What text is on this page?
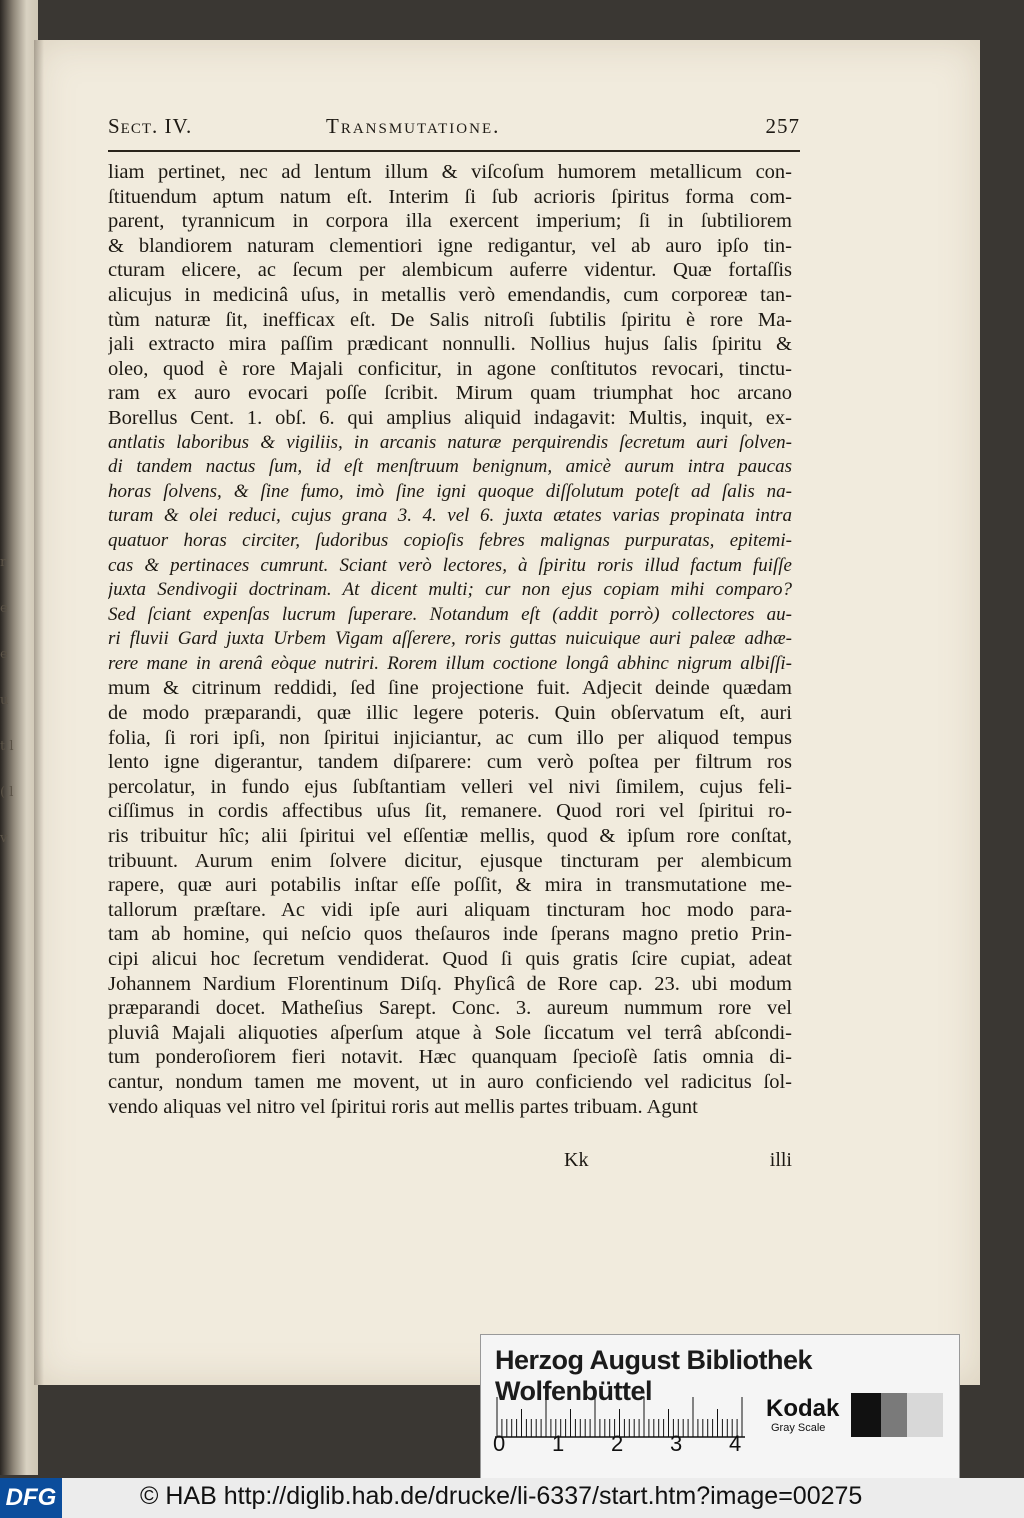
r e e u t l ( l v
Sect. IV.	Transmutatione.	257
liam pertinet, nec ad lentum illum & viſcoſum humorem metallicum con-
ſtituendum aptum natum eſt. Interim ſi ſub acrioris ſpiritus forma com-
parent, tyrannicum in corpora illa exercent imperium; ſi in ſubtiliorem
& blandiorem naturam clementiori igne redigantur, vel ab auro ipſo tin-
cturam elicere, ac ſecum per alembicum auferre videntur. Quæ fortaſſis
alicujus in medicinâ uſus, in metallis verò emendandis, cum corporeæ tan-
tùm naturæ ſit, inefficax eſt. De Salis nitroſi ſubtilis ſpiritu è rore Ma-
jali extracto mira paſſim prædicant nonnulli. Nollius hujus ſalis ſpiritu &
oleo, quod è rore Majali conficitur, in agone conſtitutos revocari, tinctu-
ram ex auro evocari poſſe ſcribit. Mirum quam triumphat hoc arcano
Borellus Cent. 1. obſ. 6. qui amplius aliquid indagavit: Multis, inquit, ex-
antlatis laboribus & vigiliis, in arcanis naturæ perquirendis ſecretum auri ſolven-
di tandem nactus ſum, id eſt menſtruum benignum, amicè aurum intra paucas
horas ſolvens, & ſine fumo, imò ſine igni quoque diſſolutum poteſt ad ſalis na-
turam & olei reduci, cujus grana 3. 4. vel 6. juxta ætates varias propinata intra
quatuor horas circiter, ſudoribus copioſis febres malignas purpuratas, epitemi-
cas & pertinaces cumrunt. Sciant verò lectores, à ſpiritu roris illud factum fuiſſe
juxta Sendivogii doctrinam. At dicent multi; cur non ejus copiam mihi comparo?
Sed ſciant expenſas lucrum ſuperare. Notandum eſt (addit porrò) collectores au-
ri fluvii Gard juxta Urbem Vigam aſſerere, roris guttas nuicuique auri paleæ adhæ-
rere mane in arenâ eòque nutriri. Rorem illum coctione longâ abhinc nigrum albiſſi-
mum & citrinum reddidi, ſed ſine projectione fuit. Adjecit deinde quædam
de modo præparandi, quæ illic legere poteris. Quin obſervatum eſt, auri
folia, ſi rori ipſi, non ſpiritui injiciantur, ac cum illo per aliquod tempus
lento igne digerantur, tandem diſparere: cum verò poſtea per filtrum ros
percolatur, in fundo ejus ſubſtantiam velleri vel nivi ſimilem, cujus feli-
ciſſimus in cordis affectibus uſus ſit, remanere. Quod rori vel ſpiritui ro-
ris tribuitur hîc; alii ſpiritui vel eſſentiæ mellis, quod & ipſum rore conſtat,
tribuunt. Aurum enim ſolvere dicitur, ejusque tincturam per alembicum
rapere, quæ auri potabilis inſtar eſſe poſſit, & mira in transmutatione me-
tallorum præſtare. Ac vidi ipſe auri aliquam tincturam hoc modo para-
tam ab homine, qui neſcio quos theſauros inde ſperans magno pretio Prin-
cipi alicui hoc ſecretum vendiderat. Quod ſi quis gratis ſcire cupiat, adeat
Johannem Nardium Florentinum Diſq. Phyſicâ de Rore cap. 23. ubi modum
præparandi docet. Matheſius Sarept. Conc. 3. aureum nummum rore vel
pluviâ Majali aliquoties aſperſum atque à Sole ſiccatum vel terrâ abſcondi-
tum ponderoſiorem fieri notavit. Hæc quanquam ſpecioſè ſatis omnia di-
cantur, nondum tamen me movent, ut in auro conficiendo vel radicitus ſol-
vendo aliquas vel nitro vel ſpiritui roris aut mellis partes tribuam. Agunt
Kk	illi
Herzog August Bibliothek Wolfenbüttel
0 1 2 3 4
Kodak
Gray Scale
DFG	© HAB http://diglib.hab.de/drucke/li-6337/start.htm?image=00275
